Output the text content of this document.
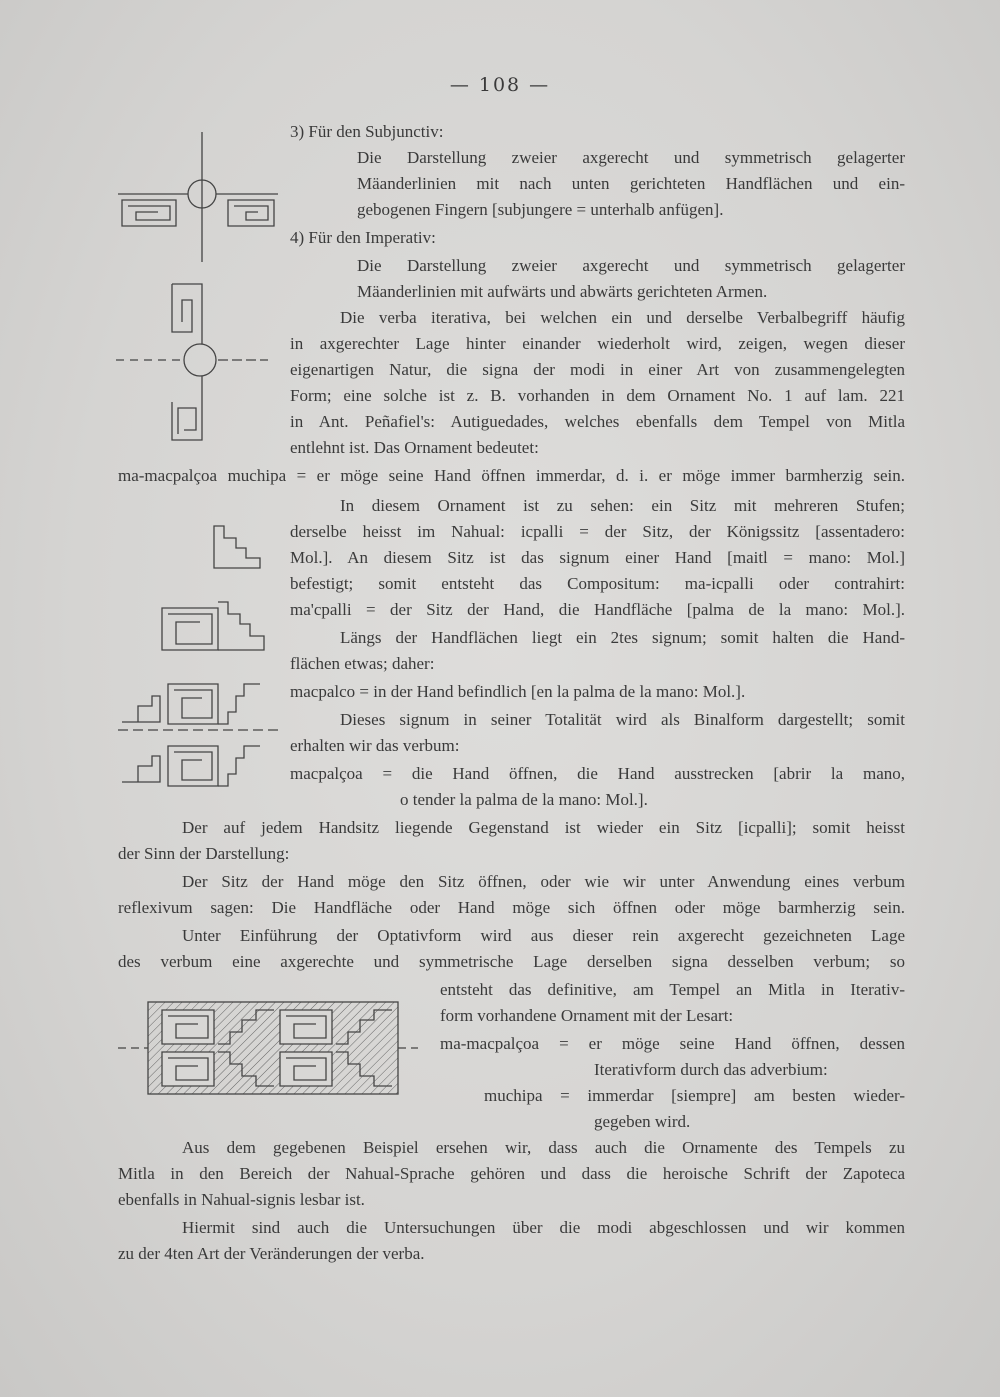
— 108 —
3) Für den Subjunctiv:
Die Darstellung zweier axgerecht und symmetrisch gelagerter
Mäanderlinien mit nach unten gerichteten Handflächen und ein-
gebogenen Fingern [subjungere = unterhalb anfügen].
4) Für den Imperativ:
Die Darstellung zweier axgerecht und symmetrisch gelagerter
Mäanderlinien mit aufwärts und abwärts gerichteten Armen.
Die verba iterativa, bei welchen ein und derselbe Verbalbegriff häufig
in axgerechter Lage hinter einander wiederholt wird, zeigen, wegen dieser
eigenartigen Natur, die signa der modi in einer Art von zusammengelegten
Form; eine solche ist z. B. vorhanden in dem Ornament No. 1 auf lam. 221
in Ant. Peñafiel's: Autiguedades, welches ebenfalls dem Tempel von Mitla
entlehnt ist. Das Ornament bedeutet:
ma-macpalçoa muchipa = er möge seine Hand öffnen immerdar, d. i. er möge immer barmherzig sein.
In diesem Ornament ist zu sehen: ein Sitz mit mehreren Stufen;
derselbe heisst im Nahual: icpalli = der Sitz, der Königssitz [assentadero:
Mol.]. An diesem Sitz ist das signum einer Hand [maitl = mano: Mol.]
befestigt; somit entsteht das Compositum: ma-icpalli oder contrahirt:
ma'cpalli = der Sitz der Hand, die Handfläche [palma de la mano: Mol.].
Längs der Handflächen liegt ein 2tes signum; somit halten die Hand-
flächen etwas; daher:
macpalco = in der Hand befindlich [en la palma de la mano: Mol.].
Dieses signum in seiner Totalität wird als Binalform dargestellt; somit
erhalten wir das verbum:
macpalçoa = die Hand öffnen, die Hand ausstrecken [abrir la mano,
o tender la palma de la mano: Mol.].
Der auf jedem Handsitz liegende Gegenstand ist wieder ein Sitz [icpalli]; somit heisst
der Sinn der Darstellung:
Der Sitz der Hand möge den Sitz öffnen, oder wie wir unter Anwendung eines verbum
reflexivum sagen: Die Handfläche oder Hand möge sich öffnen oder möge barmherzig sein.
Unter Einführung der Optativform wird aus dieser rein axgerecht gezeichneten Lage
des verbum eine axgerechte und symmetrische Lage derselben signa desselben verbum; so
entsteht das definitive, am Tempel an Mitla in Iterativ-
form vorhandene Ornament mit der Lesart:
ma-macpalçoa = er möge seine Hand öffnen, dessen
Iterativform durch das adverbium:
muchipa = immerdar [siempre] am besten wieder-
gegeben wird.
Aus dem gegebenen Beispiel ersehen wir, dass auch die Ornamente des Tempels zu
Mitla in den Bereich der Nahual-Sprache gehören und dass die heroische Schrift der Zapoteca
ebenfalls in Nahual-signis lesbar ist.
Hiermit sind auch die Untersuchungen über die modi abgeschlossen und wir kommen
zu der 4ten Art der Veränderungen der verba.
